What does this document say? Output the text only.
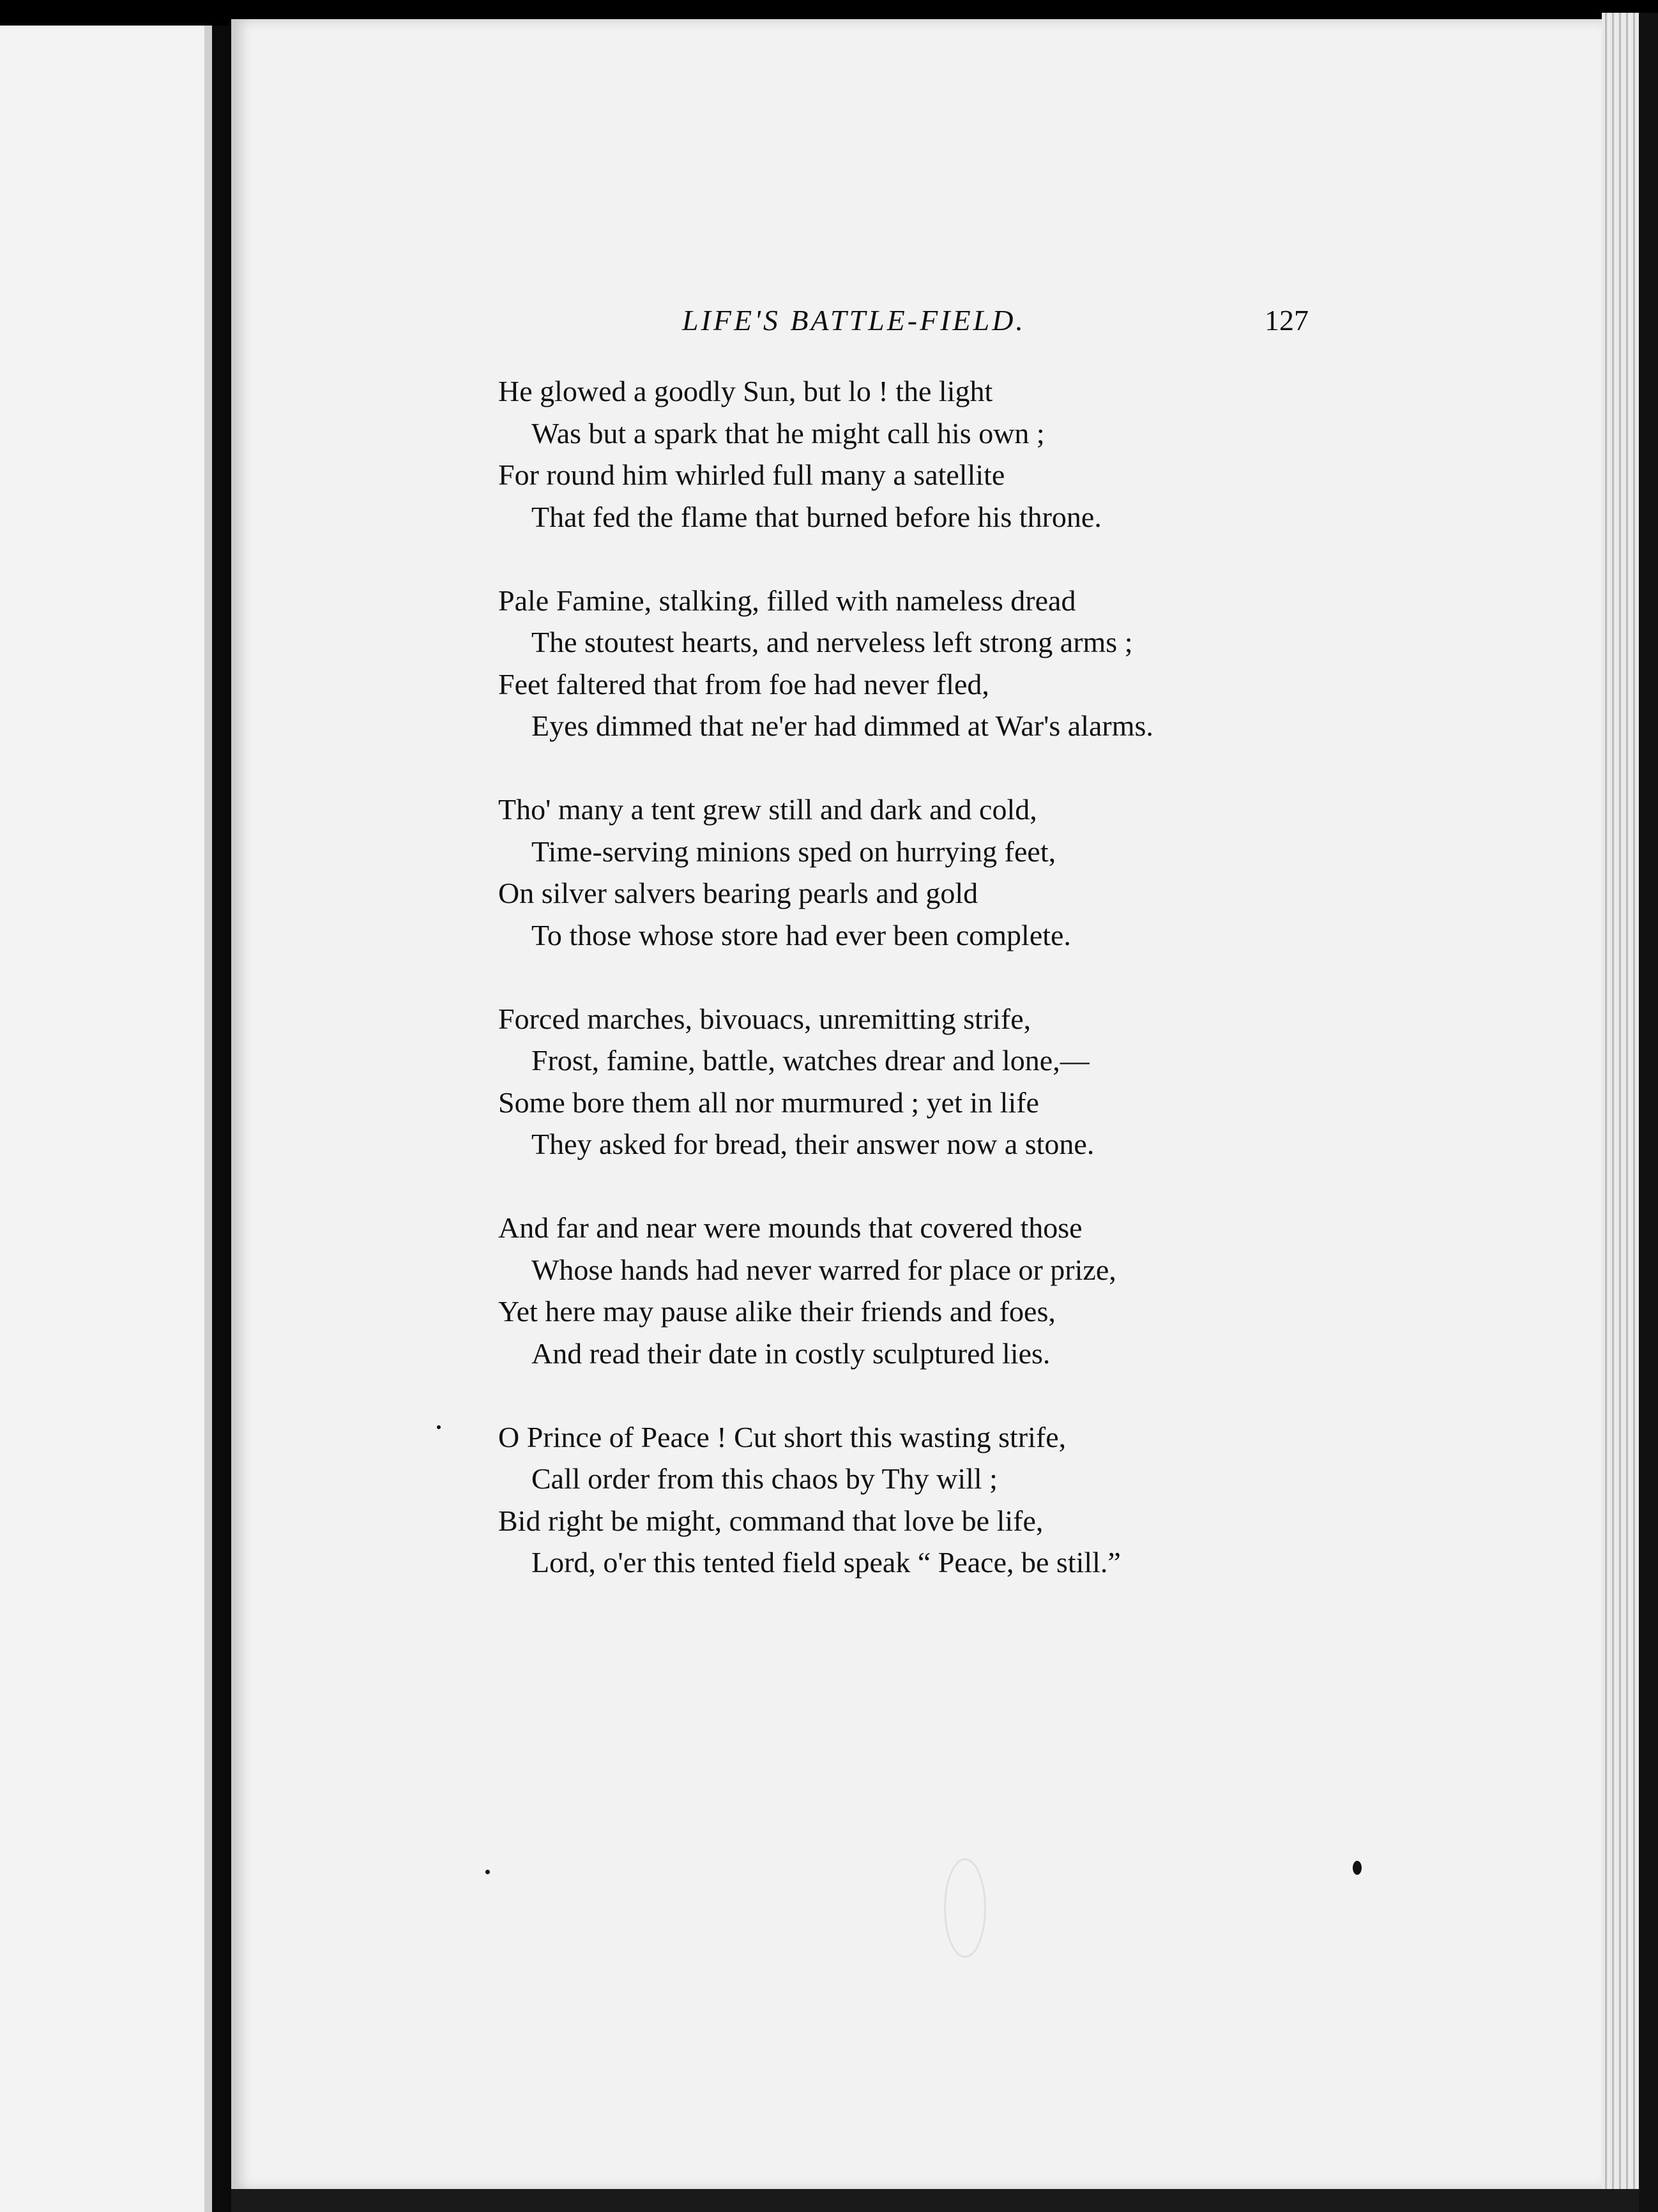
LIFE'S BATTLE-FIELD.	127
He glowed a goodly Sun, but lo ! the light
Was but a spark that he might call his own ;
For round him whirled full many a satellite
That fed the flame that burned before his throne.
Pale Famine, stalking, filled with nameless dread
The stoutest hearts, and nerveless left strong arms ;
Feet faltered that from foe had never fled,
Eyes dimmed that ne'er had dimmed at War's alarms.
Tho' many a tent grew still and dark and cold,
Time-serving minions sped on hurrying feet,
On silver salvers bearing pearls and gold
To those whose store had ever been complete.
Forced marches, bivouacs, unremitting strife,
Frost, famine, battle, watches drear and lone,—
Some bore them all nor murmured ; yet in life
They asked for bread, their answer now a stone.
And far and near were mounds that covered those
Whose hands had never warred for place or prize,
Yet here may pause alike their friends and foes,
And read their date in costly sculptured lies.
O Prince of Peace ! Cut short this wasting strife,
Call order from this chaos by Thy will ;
Bid right be might, command that love be life,
Lord, o'er this tented field speak “ Peace, be still.”
